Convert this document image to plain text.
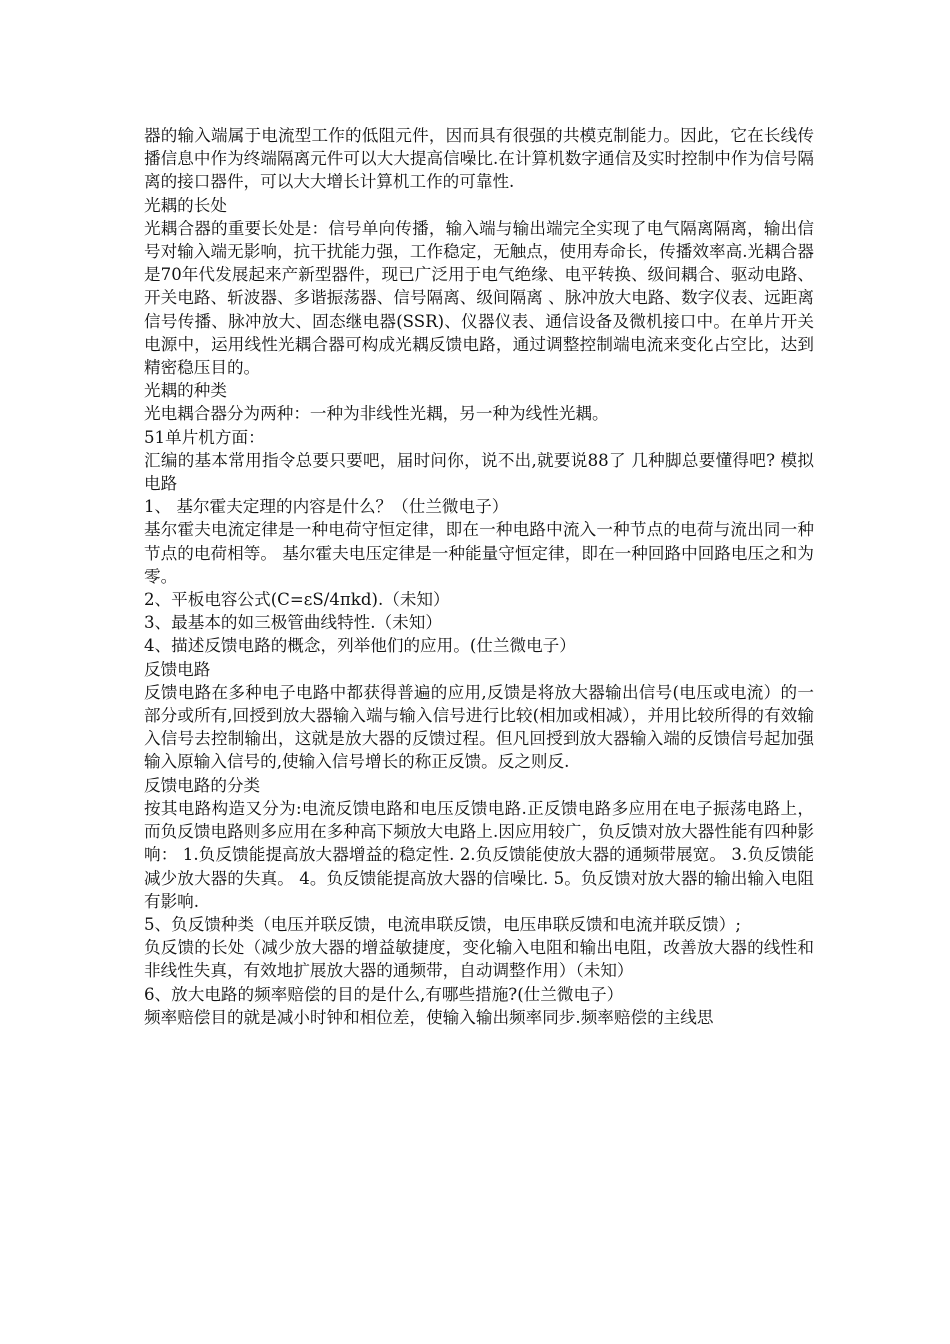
器的输入端属于电流型工作的低阻元件，因而具有很强的共模克制能力。因此，它在长线传播信息中作为终端隔离元件可以大大提高信噪比.在计算机数字通信及实时控制中作为信号隔离的接口器件，可以大大增长计算机工作的可靠性.

光耦的长处

光耦合器的重要长处是：信号单向传播，输入端与输出端完全实现了电气隔离隔离，输出信号对输入端无影响，抗干扰能力强，工作稳定，无触点，使用寿命长，传播效率高.光耦合器是70年代发展起来产新型器件，现已广泛用于电气绝缘、电平转换、级间耦合、驱动电路、开关电路、斩波器、多谐振荡器、信号隔离、级间隔离 、脉冲放大电路、数字仪表、远距离信号传播、脉冲放大、固态继电器(SSR)、仪器仪表、通信设备及微机接口中。在单片开关电源中，运用线性光耦合器可构成光耦反馈电路，通过调整控制端电流来变化占空比，达到精密稳压目的。

光耦的种类

光电耦合器分为两种：一种为非线性光耦，另一种为线性光耦。

51单片机方面：

汇编的基本常用指令总要只要吧，届时问你，说不出,就要说88了 几种脚总要懂得吧? 模拟电路

1、 基尔霍夫定理的内容是什么？（仕兰微电子）

基尔霍夫电流定律是一种电荷守恒定律，即在一种电路中流入一种节点的电荷与流出同一种节点的电荷相等。 基尔霍夫电压定律是一种能量守恒定律，即在一种回路中回路电压之和为零。

2、平板电容公式(C=εS/4πkd).（未知）

3、最基本的如三极管曲线特性.（未知）

4、描述反馈电路的概念，列举他们的应用。(仕兰微电子）

反馈电路

反馈电路在多种电子电路中都获得普遍的应用,反馈是将放大器输出信号(电压或电流）的一部分或所有,回授到放大器输入端与输入信号进行比较(相加或相减），并用比较所得的有效输入信号去控制输出，这就是放大器的反馈过程。但凡回授到放大器输入端的反馈信号起加强输入原输入信号的,使输入信号增长的称正反馈。反之则反.

反馈电路的分类

按其电路构造又分为:电流反馈电路和电压反馈电路.正反馈电路多应用在电子振荡电路上，而负反馈电路则多应用在多种高下频放大电路上.因应用较广，负反馈对放大器性能有四种影响： 1.负反馈能提高放大器增益的稳定性. 2.负反馈能使放大器的通频带展宽。 3.负反馈能减少放大器的失真。 4。负反馈能提高放大器的信噪比. 5。负反馈对放大器的输出输入电阻有影响.

5、负反馈种类（电压并联反馈，电流串联反馈，电压串联反馈和电流并联反馈）;

负反馈的长处（减少放大器的增益敏捷度，变化输入电阻和输出电阻，改善放大器的线性和非线性失真，有效地扩展放大器的通频带，自动调整作用）（未知）

6、放大电路的频率赔偿的目的是什么,有哪些措施?(仕兰微电子）

频率赔偿目的就是减小时钟和相位差，使输入输出频率同步.频率赔偿的主线思
